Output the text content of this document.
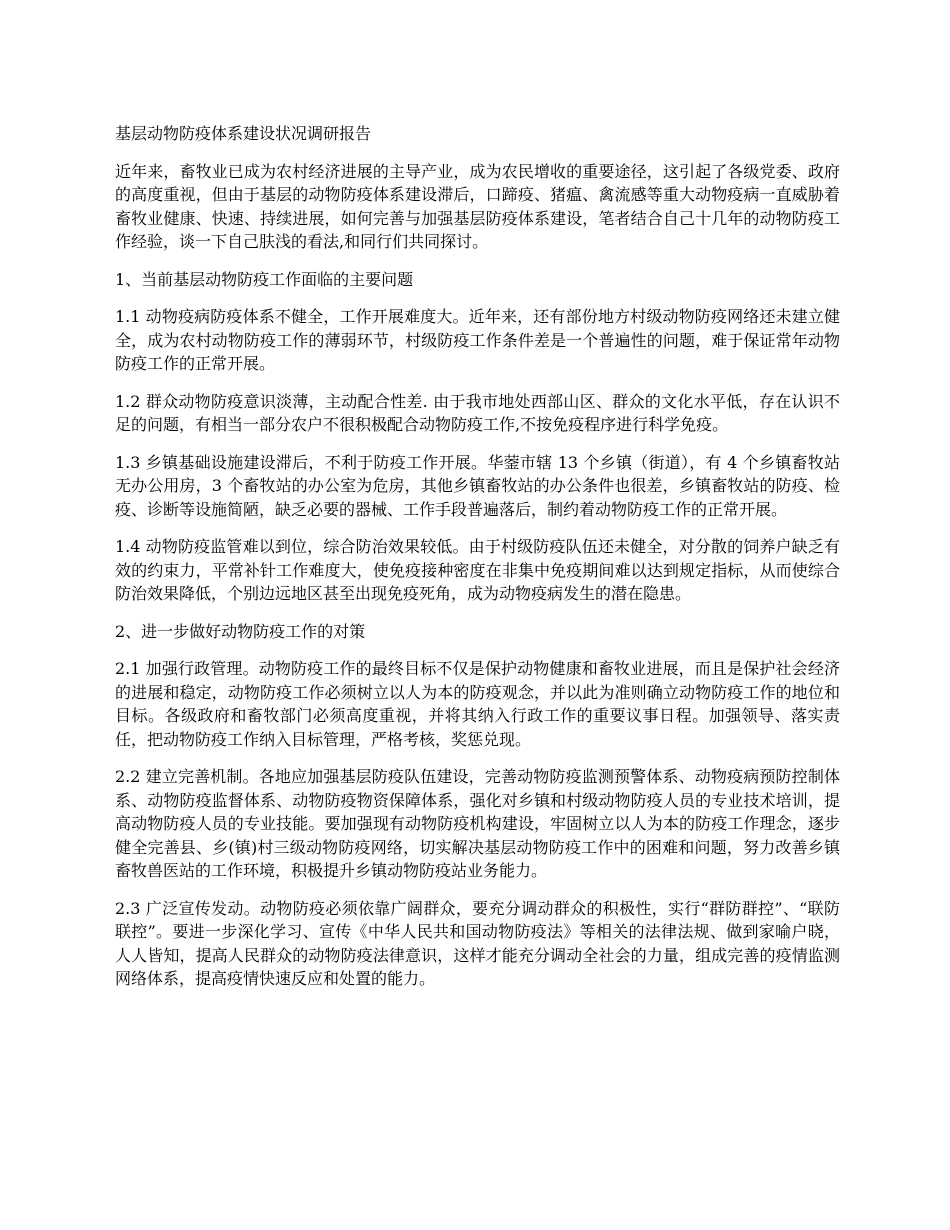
基层动物防疫体系建设状况调研报告

近年来，畜牧业已成为农村经济进展的主导产业，成为农民增收的重要途径，这引起了各级党委、政府的高度重视，但由于基层的动物防疫体系建设滞后，口蹄疫、猪瘟、禽流感等重大动物疫病一直威胁着畜牧业健康、快速、持续进展，如何完善与加强基层防疫体系建设，笔者结合自己十几年的动物防疫工作经验，谈一下自己肤浅的看法,和同行们共同探讨。

1、当前基层动物防疫工作面临的主要问题

1.1 动物疫病防疫体系不健全，工作开展难度大。近年来，还有部份地方村级动物防疫网络还未建立健全，成为农村动物防疫工作的薄弱环节，村级防疫工作条件差是一个普遍性的问题，难于保证常年动物防疫工作的正常开展。

1.2 群众动物防疫意识淡薄，主动配合性差. 由于我市地处西部山区、群众的文化水平低，存在认识不足的问题，有相当一部分农户不很积极配合动物防疫工作,不按免疫程序进行科学免疫。

1.3 乡镇基础设施建设滞后，不利于防疫工作开展。华蓥市辖 13 个乡镇（街道），有 4 个乡镇畜牧站无办公用房，3 个畜牧站的办公室为危房，其他乡镇畜牧站的办公条件也很差，乡镇畜牧站的防疫、检疫、诊断等设施简陋，缺乏必要的器械、工作手段普遍落后，制约着动物防疫工作的正常开展。

1.4 动物防疫监管难以到位，综合防治效果较低。由于村级防疫队伍还未健全，对分散的饲养户缺乏有效的约束力，平常补针工作难度大，使免疫接种密度在非集中免疫期间难以达到规定指标，从而使综合防治效果降低，个别边远地区甚至出现免疫死角，成为动物疫病发生的潜在隐患。

2、进一步做好动物防疫工作的对策

2.1 加强行政管理。动物防疫工作的最终目标不仅是保护动物健康和畜牧业进展，而且是保护社会经济的进展和稳定，动物防疫工作必须树立以人为本的防疫观念，并以此为准则确立动物防疫工作的地位和目标。各级政府和畜牧部门必须高度重视，并将其纳入行政工作的重要议事日程。加强领导、落实责任，把动物防疫工作纳入目标管理，严格考核，奖惩兑现。

2.2 建立完善机制。各地应加强基层防疫队伍建设，完善动物防疫监测预警体系、动物疫病预防控制体系、动物防疫监督体系、动物防疫物资保障体系，强化对乡镇和村级动物防疫人员的专业技术培训，提高动物防疫人员的专业技能。要加强现有动物防疫机构建设，牢固树立以人为本的防疫工作理念，逐步健全完善县、乡(镇)村三级动物防疫网络，切实解决基层动物防疫工作中的困难和问题，努力改善乡镇畜牧兽医站的工作环境，积极提升乡镇动物防疫站业务能力。

2.3 广泛宣传发动。动物防疫必须依靠广阔群众，要充分调动群众的积极性，实行“群防群控”、“联防联控”。要进一步深化学习、宣传《中华人民共和国动物防疫法》等相关的法律法规、做到家喻户晓，人人皆知，提高人民群众的动物防疫法律意识，这样才能充分调动全社会的力量，组成完善的疫情监测网络体系，提高疫情快速反应和处置的能力。
